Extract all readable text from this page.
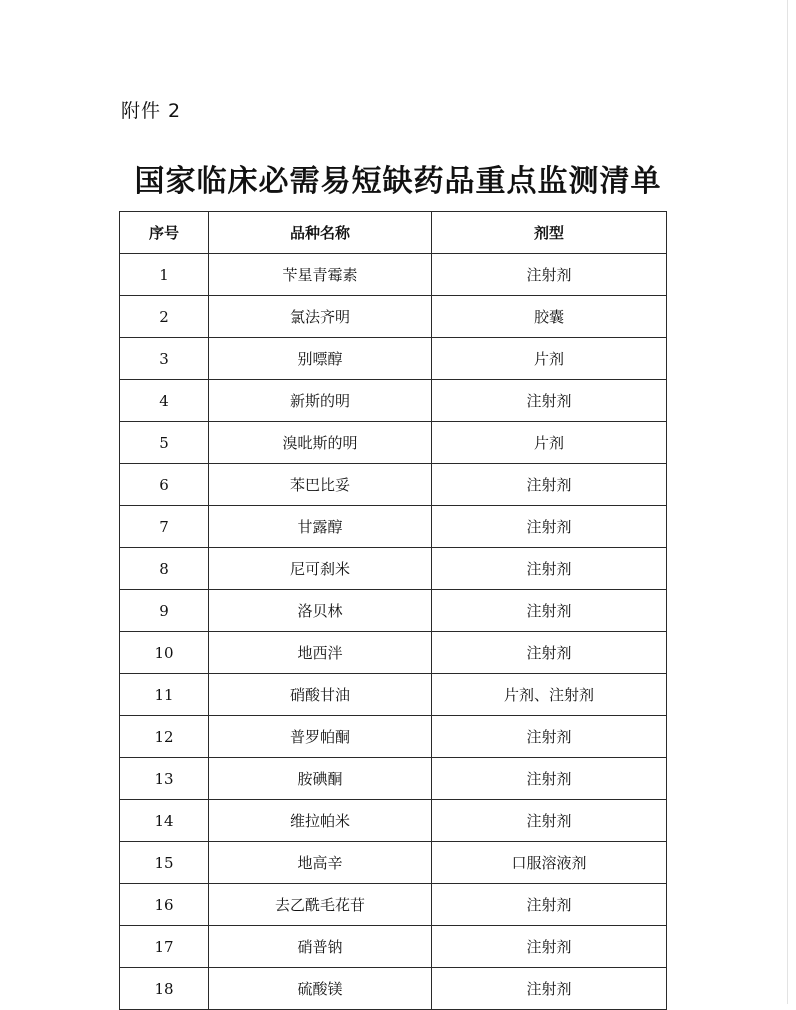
附件 2
国家临床必需易短缺药品重点监测清单
序号	品种名称	剂型
1	苄星青霉素	注射剂
2	氯法齐明	胶囊
3	别嘌醇	片剂
4	新斯的明	注射剂
5	溴吡斯的明	片剂
6	苯巴比妥	注射剂
7	甘露醇	注射剂
8	尼可刹米	注射剂
9	洛贝林	注射剂
10	地西泮	注射剂
11	硝酸甘油	片剂、注射剂
12	普罗帕酮	注射剂
13	胺碘酮	注射剂
14	维拉帕米	注射剂
15	地高辛	口服溶液剂
16	去乙酰毛花苷	注射剂
17	硝普钠	注射剂
18	硫酸镁	注射剂
